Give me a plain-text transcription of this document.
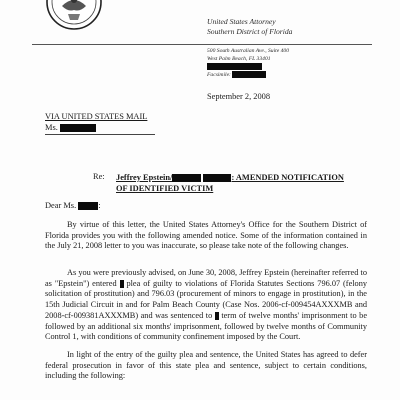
United States Attorney
Southern District of Florida
500 South Australian Ave., Suite 400
West Palm Beach, FL 33401
Facsimile:
September 2, 2008
VIA UNITED STATES MAIL
Ms.
Re: Jeffrey Epstein/	: AMENDED NOTIFICATION
OF IDENTIFIED VICTIM
Dear Ms.	:

By virtue of this letter, the United States Attorney's Office for the Southern District of Florida provides you with the following amended notice. Some of the information contained in the July 21, 2008 letter to you was inaccurate, so please take note of the following changes.

As you were previously advised, on June 30, 2008, Jeffrey Epstein (hereinafter referred to as "Epstein") entered plea of guilty to violations of Florida Statutes Sections 796.07 (felony solicitation of prostitution) and 796.03 (procurement of minors to engage in prostitution), in the 15th Judicial Circuit in and for Palm Beach County (Case Nos. 2006-cf-009454AXXXMB and 2008-cf-009381AXXXMB) and was sentenced to term of twelve months' imprisonment to be followed by an additional six months' imprisonment, followed by twelve months of Community Control 1, with conditions of community confinement imposed by the Court.

In light of the entry of the guilty plea and sentence, the United States has agreed to defer federal prosecution in favor of this state plea and sentence, subject to certain conditions, including the following:
